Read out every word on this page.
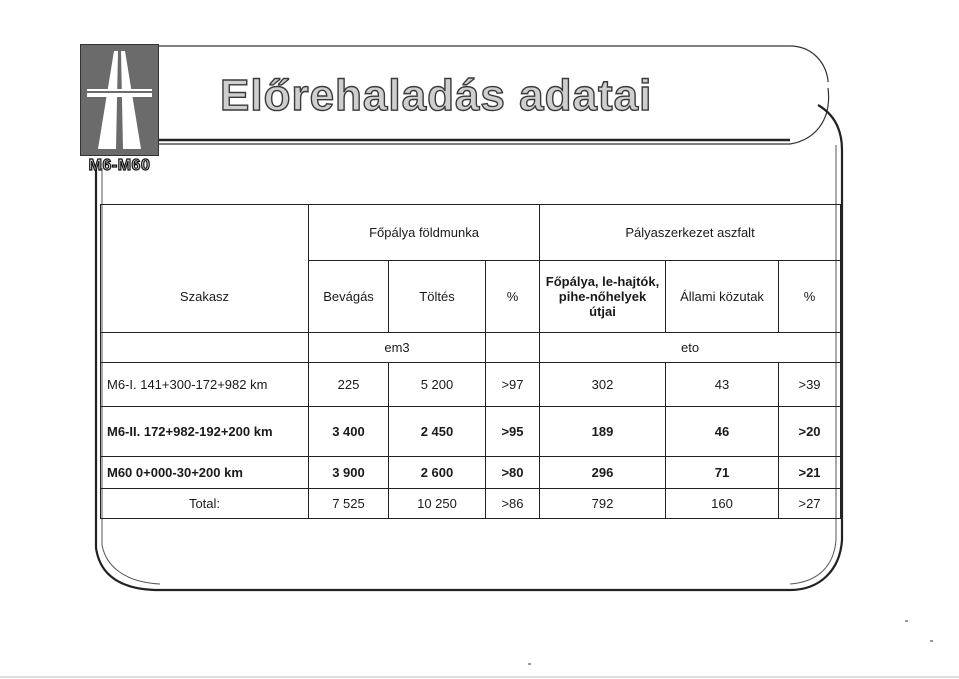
M6-M60
Előrehaladás adatai
	Főpálya földmunka			Pályaszerkezet aszfalt		
Szakasz	Bevágás	Töltés	%	Főpálya, le-hajtók, pihe-nőhelyek útjai	Állami közutak	%
	em3			eto		
M6-I. 141+300-172+982 km	225	5 200	>97	302	43	>39
M6-II. 172+982-192+200 km	3 400	2 450	>95	189	46	>20
M60 0+000-30+200 km	3 900	2 600	>80	296	71	>21
Total:	7 525	10 250	>86	792	160	>27
